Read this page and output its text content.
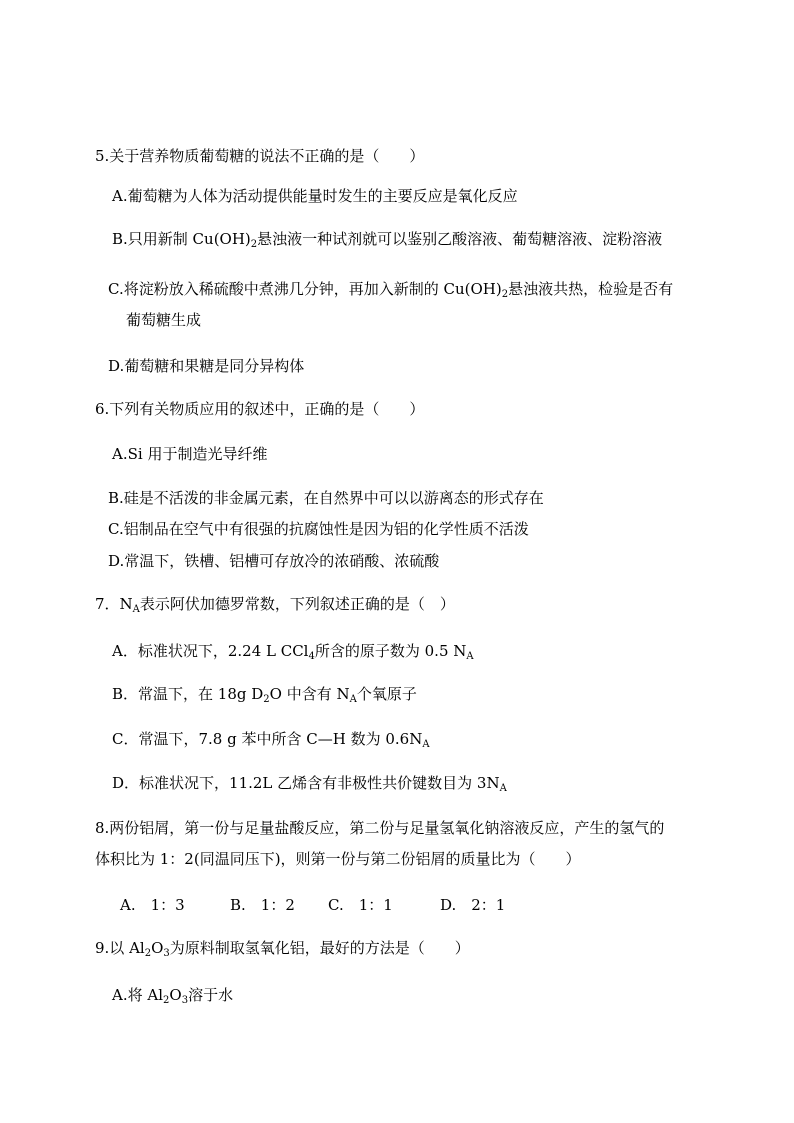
5.关于营养物质葡萄糖的说法不正确的是（　　）
A.葡萄糖为人体为活动提供能量时发生的主要反应是氧化反应
B.只用新制 $Cu(OH)_2$悬浊液一种试剂就可以鉴别乙酸溶液、葡萄糖溶液、淀粉溶液
C.将淀粉放入稀硫酸中煮沸几分钟，再加入新制的 $Cu(OH)_2$悬浊液共热，检验是否有
葡萄糖生成
D.葡萄糖和果糖是同分异构体
6.下列有关物质应用的叙述中，正确的是（　　）
A.Si 用于制造光导纤维
B.硅是不活泼的非金属元素，在自然界中可以以游离态的形式存在
C.铝制品在空气中有很强的抗腐蚀性是因为铝的化学性质不活泼
D.常温下，铁槽、铝槽可存放冷的浓硝酸、浓硫酸
7．$N_A$表示阿伏加德罗常数，下列叙述正确的是（　）
A．标准状况下，2.24 L CCl$_4$所含的原子数为 0.5 $N_A$
B．常温下，在 18g $D_2O$ 中含有 $N_A$个氧原子
C．常温下，7.8 g 苯中所含 C—H 数为 $0.6N_A$
D．标准状况下，11.2L 乙烯含有非极性共价键数目为 $3N_A$
8.两份铝屑，第一份与足量盐酸反应，第二份与足量氢氧化钠溶液反应，产生的氢气的
体积比为 1：2(同温同压下)，则第一份与第二份铝屑的质量比为（　　）
A.　1：3	B.　1：2 C.　1：1	D.　2：1
9.以 $Al_2O_3$为原料制取氢氧化铝，最好的方法是（　　）
A.将 $Al_2O_3$溶于水
